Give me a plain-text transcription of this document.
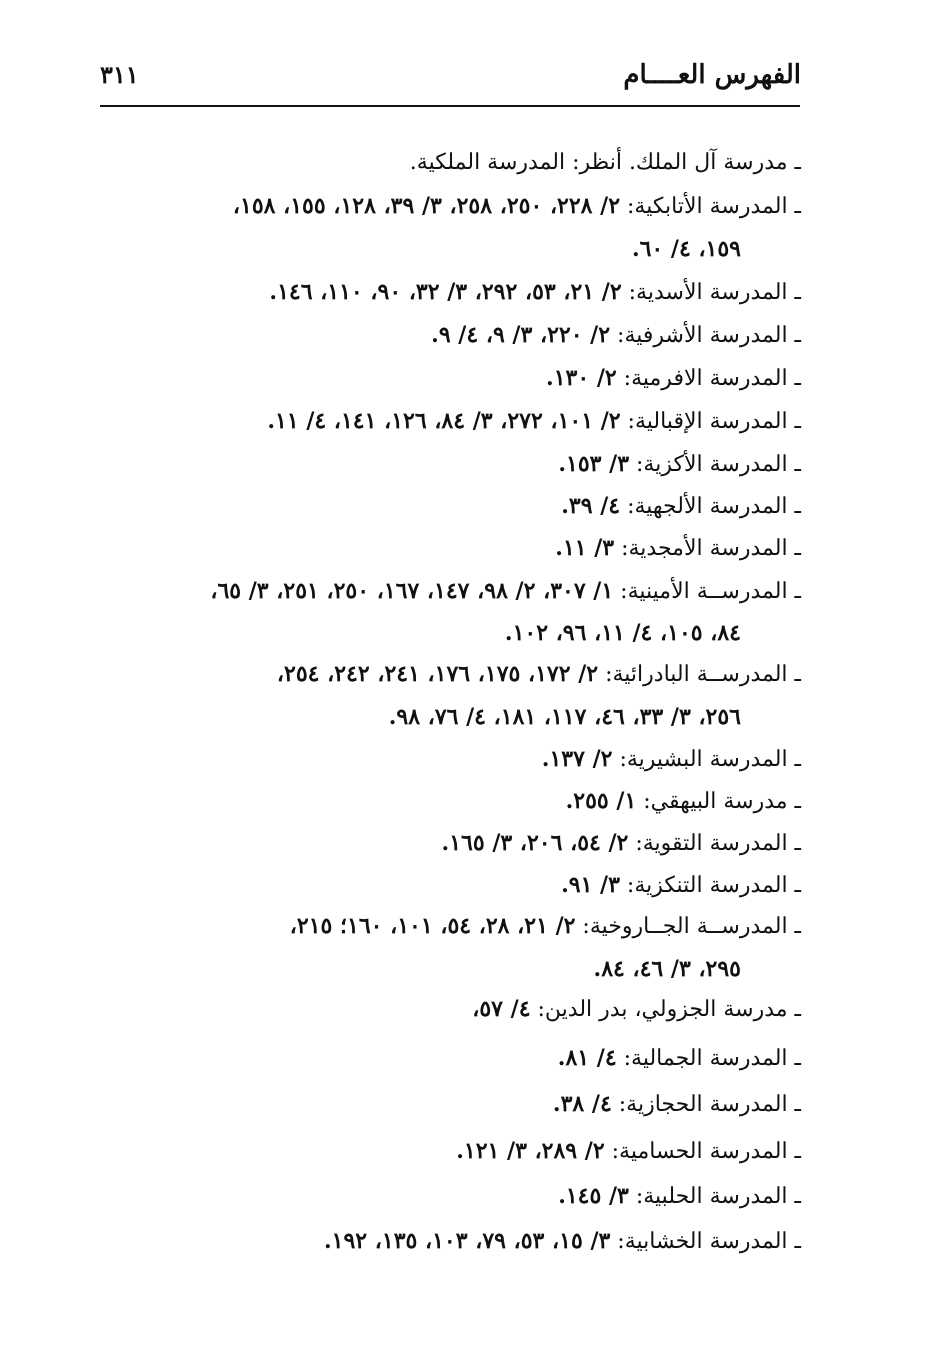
الفهرس العــــام
٣١١
ـ مدرسة آل الملك. أنظر: المدرسة الملكية.
ـ المدرسة الأتابكية: ٢/ ٢٢٨، ٢٥٠، ٢٥٨، ٣/ ٣٩، ١٢٨، ١٥٥، ١٥٨،
١٥٩، ٤/ ٦٠.
ـ المدرسة الأسدية: ٢/ ٢١، ٥٣، ٢٩٢، ٣/ ٣٢، ٩٠، ١١٠، ١٤٦.
ـ المدرسة الأشرفية: ٢/ ٢٢٠، ٣/ ٩، ٤/ ٩.
ـ المدرسة الافرمية: ٢/ ١٣٠.
ـ المدرسة الإقبالية: ٢/ ١٠١، ٢٧٢، ٣/ ٨٤، ١٢٦، ١٤١، ٤/ ١١.
ـ المدرسة الأكزية: ٣/ ١٥٣.
ـ المدرسة الألجهية: ٤/ ٣٩.
ـ المدرسة الأمجدية: ٣/ ١١.
ـ المدرســة الأمينية: ١/ ٣٠٧، ٢/ ٩٨، ١٤٧، ١٦٧، ٢٥٠، ٢٥١، ٣/ ٦٥،
٨٤، ١٠٥، ٤/ ١١، ٩٦، ١٠٢.
ـ المدرســة البادرائية: ٢/ ١٧٢، ١٧٥، ١٧٦، ٢٤١، ٢٤٢، ٢٥٤،
٢٥٦، ٣/ ٣٣، ٤٦، ١١٧، ١٨١، ٤/ ٧٦، ٩٨.
ـ المدرسة البشيرية: ٢/ ١٣٧.
ـ مدرسة البيهقي: ١/ ٢٥٥.
ـ المدرسة التقوية: ٢/ ٥٤، ٢٠٦، ٣/ ١٦٥.
ـ المدرسة التنكزية: ٣/ ٩١.
ـ المدرســة الجــاروخية: ٢/ ٢١، ٢٨، ٥٤، ١٠١، ١٦٠؛ ٢١٥،
٢٩٥، ٣/ ٤٦، ٨٤.
ـ مدرسة الجزولي، بدر الدين: ٤/ ٥٧،
ـ المدرسة الجمالية: ٤/ ٨١.
ـ المدرسة الحجازية: ٤/ ٣٨.
ـ المدرسة الحسامية: ٢/ ٢٨٩، ٣/ ١٢١.
ـ المدرسة الحلبية: ٣/ ١٤٥.
ـ المدرسة الخشابية: ٣/ ١٥، ٥٣، ٧٩، ١٠٣، ١٣٥، ١٩٢.
